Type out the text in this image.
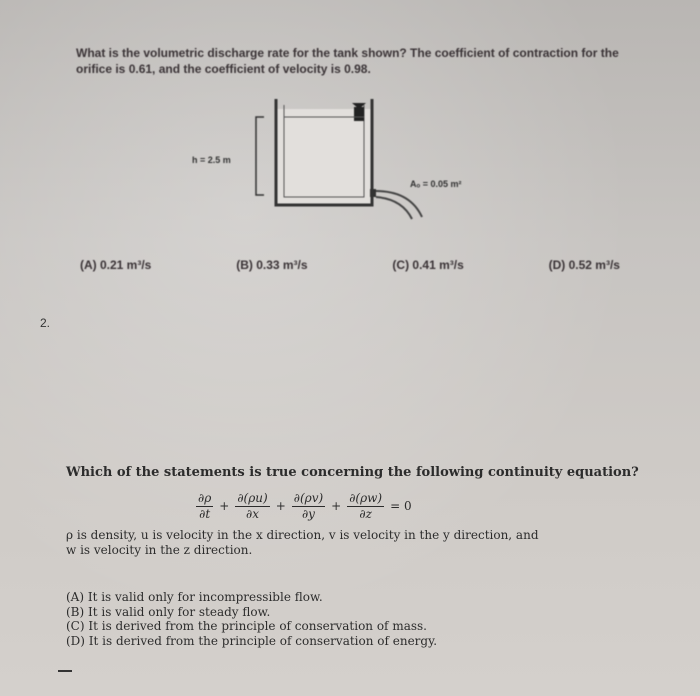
What is the volumetric discharge rate for the tank shown? The coefficient of contraction for the orifice is 0.61, and the coefficient of velocity is 0.98.
h = 2.5 m
Aₒ = 0.05 m²
(A) 0.21 m³/s	(B) 0.33 m³/s	(C) 0.41 m³/s	(D) 0.52 m³/s
2.
Which of the statements is true concerning the following continuity equation?
$\frac{\partial\rho}{\partial t} + \frac{\partial(\rho u)}{\partial x} + \frac{\partial(\rho v)}{\partial y} + \frac{\partial(\rho w)}{\partial z} = 0$
ρ is density, u is velocity in the x direction, v is velocity in the y direction, and
w is velocity in the z direction.
(A) It is valid only for incompressible flow.
(B) It is valid only for steady flow.
(C) It is derived from the principle of conservation of mass.
(D) It is derived from the principle of conservation of energy.
